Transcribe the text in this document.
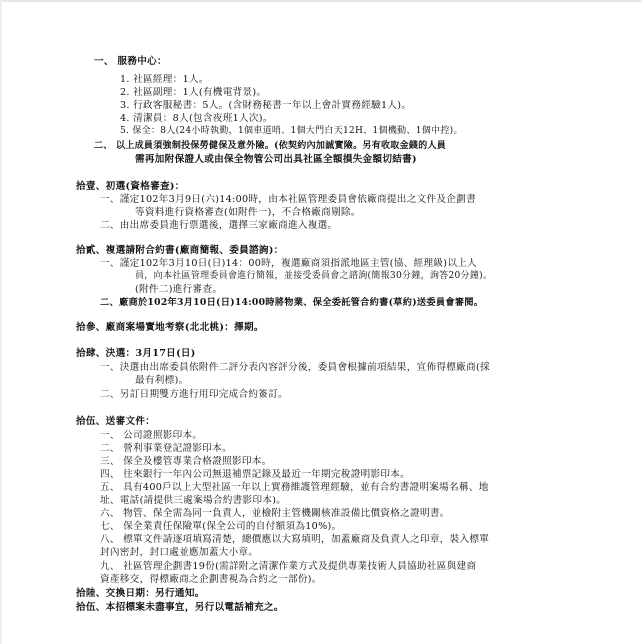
一、 服務中心：
1. 社區經理：1人。
2. 社區副理：1人(有機電背景)。
3. 行政客服秘書：5人。(含財務秘書一年以上會計實務經驗1人)。
4. 清潔員：8人(包含夜班1人次)。
5. 保全：8人(24小時執勤，1個車道哨、1個大門白天12H、1個機動、1個中控)。
二、 以上成員須強制投保勞健保及意外險。(依契約內加誠實險。另有收取金錢的人員
需再加附保證人或由保全物管公司出具社區全額損失金額切結書)
拾壹、初選(資格審查)：
一、謹定102年3月9日(六)14:00時，由本社區管理委員會依廠商提出之文件及企劃書
等資料進行資格審查(如附件一)，不合格廠商剔除。
二、由出席委員進行票選後，選擇三家廠商進入複選。
拾貳、複選請附合約書(廠商簡報、委員諮詢)：
一、謹定102年3月10日(日)14：00時，複選廠商須指派地區主管(協、經理級)以上人
員，向本社區管理委員會進行簡報，並接受委員會之諮詢(簡報30分鐘，詢答20分鐘)。
(附件二)進行審查。
二、廠商於102年3月10日(日)14:00時將物業、保全委託管合約書(草約)送委員會審閱。
拾參、廠商案場實地考察(北北桃)：擇期。
拾肆、決選：3月17日(日)
一、決選由出席委員依附件二評分表內容評分後，委員會根據前項結果，宣佈得標廠商(採
最有利標)。
二、另訂日期雙方進行用印完成合約簽訂。
拾伍、送審文件：
一、 公司證照影印本。
二、 營利事業登記證影印本。
三、 保全及樓管專業合格證照影印本。
四、 往來銀行一年內公司無退補票記錄及最近一年期完稅證明影印本。
五、 具有400戶以上大型社區一年以上實務維護管理經驗，並有合約書證明案場名稱、地
址、電話(請提供三處案場合約書影印本)。
六、 物管、保全需為同一負責人，並檢附主管機關核准設備比價資格之證明書。
七、 保全業責任保險單(保全公司的自付額須為10%)。
八、 標單文件請逐項填寫清楚，總價應以大寫填明，加蓋廠商及負責人之印章，裝入標單
封內密封，封口處並應加蓋大小章。
九、 社區管理企劃書19份(需詳附之清潔作業方式及提供專業技術人員協助社區與建商
資產移交，得標廠商之企劃書視為合約之一部份)。
拾陸、交換日期：另行通知。
拾伍、本招標案未盡事宜，另行以電話補充之。
